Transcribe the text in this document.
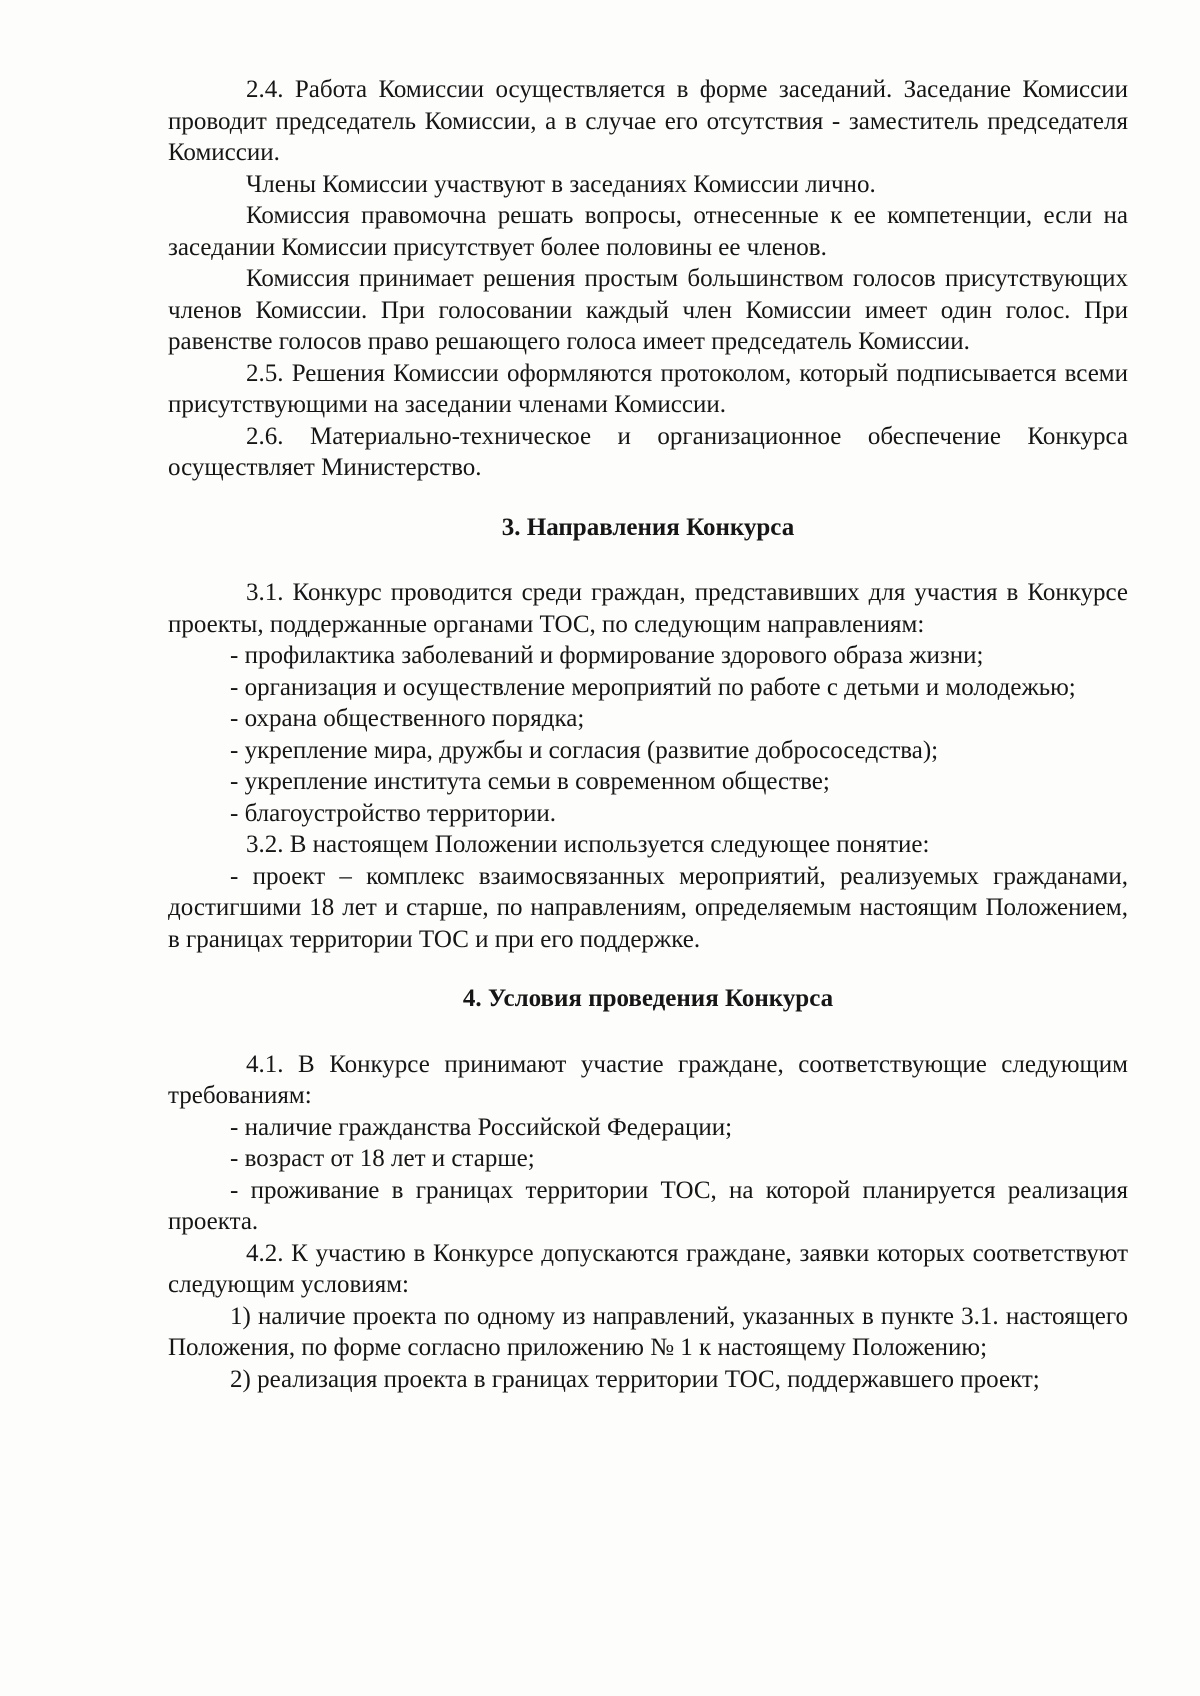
2.4. Работа Комиссии осуществляется в форме заседаний. Заседание Комиссии проводит председатель Комиссии, а в случае его отсутствия - заместитель председателя Комиссии.

Члены Комиссии участвуют в заседаниях Комиссии лично.

Комиссия правомочна решать вопросы, отнесенные к ее компетенции, если на заседании Комиссии присутствует более половины ее членов.

Комиссия принимает решения простым большинством голосов присутствующих членов Комиссии. При голосовании каждый член Комиссии имеет один голос. При равенстве голосов право решающего голоса имеет председатель Комиссии.

2.5. Решения Комиссии оформляются протоколом, который подписывается всеми присутствующими на заседании членами Комиссии.

2.6. Материально-техническое и организационное обеспечение Конкурса осуществляет Министерство.

3. Направления Конкурса

3.1. Конкурс проводится среди граждан, представивших для участия в Конкурсе проекты, поддержанные органами ТОС, по следующим направлениям:

- профилактика заболеваний и формирование здорового образа жизни;

- организация и осуществление мероприятий по работе с детьми и молодежью;

- охрана общественного порядка;

- укрепление мира, дружбы и согласия (развитие добрососедства);

- укрепление института семьи в современном обществе;

- благоустройство территории.

3.2. В настоящем Положении используется следующее понятие:

- проект – комплекс взаимосвязанных мероприятий, реализуемых гражданами, достигшими 18 лет и старше, по направлениям, определяемым настоящим Положением, в границах территории ТОС и при его поддержке.

4. Условия проведения Конкурса

4.1. В Конкурсе принимают участие граждане, соответствующие следующим требованиям:

- наличие гражданства Российской Федерации;

- возраст от 18 лет и старше;

- проживание в границах территории ТОС, на которой планируется реализация проекта.

4.2. К участию в Конкурсе допускаются граждане, заявки которых соответствуют следующим условиям:

1) наличие проекта по одному из направлений, указанных в пункте 3.1. настоящего Положения, по форме согласно приложению № 1 к настоящему Положению;

2) реализация проекта в границах территории ТОС, поддержавшего проект;
